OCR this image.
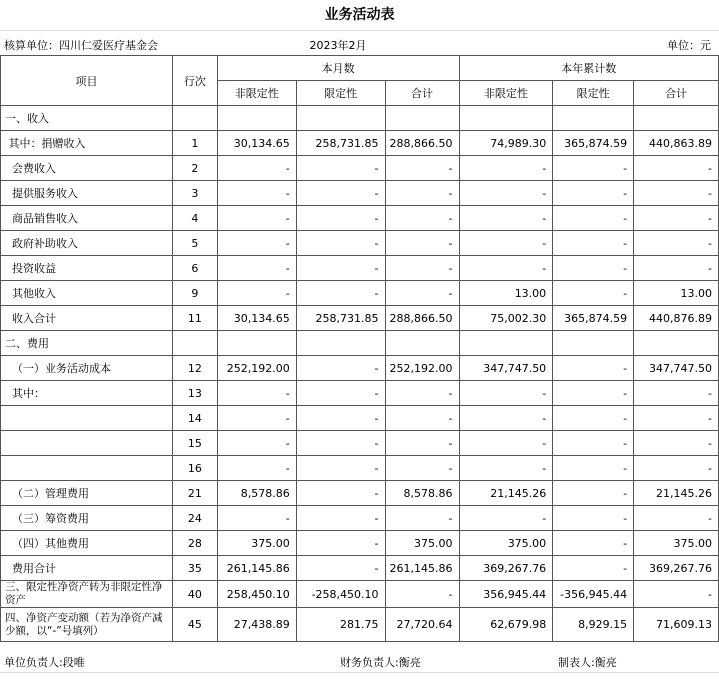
业务活动表
核算单位：四川仁爱医疗基金会	2023年2月	单位：元
项目	行次	本月数			本年累计数		
		非限定性	限定性	合计	非限定性	限定性	合计
一、收入							
其中：捐赠收入	1	30,134.65	258,731.85	288,866.50	74,989.30	365,874.59	440,863.89
会费收入	2	-	-	-	-	-	-
提供服务收入	3	-	-	-	-	-	-
商品销售收入	4	-	-	-	-	-	-
政府补助收入	5	-	-	-	-	-	-
投资收益	6	-	-	-	-	-	-
其他收入	9	-	-	-	13.00	-	13.00
收入合计	11	30,134.65	258,731.85	288,866.50	75,002.30	365,874.59	440,876.89
二、费用							
（一）业务活动成本	12	252,192.00	-	252,192.00	347,747.50	-	347,747.50
其中：	13	-	-	-	-	-	-
	14	-	-	-	-	-	-
	15	-	-	-	-	-	-
	16	-	-	-	-	-	-
（二）管理费用	21	8,578.86	-	8,578.86	21,145.26	-	21,145.26
（三）筹资费用	24	-	-	-	-	-	-
（四）其他费用	28	375.00	-	375.00	375.00	-	375.00
费用合计	35	261,145.86	-	261,145.86	369,267.76	-	369,267.76
三、限定性净资产转为非限定性净资产	40	258,450.10	-258,450.10	-	356,945.44	-356,945.44	-
四、净资产变动额（若为净资产减少额，以“-”号填列）	45	27,438.89	281.75	27,720.64	62,679.98	8,929.15	71,609.13
单位负责人:段唯	财务负责人:衡亮	制表人:衡亮
